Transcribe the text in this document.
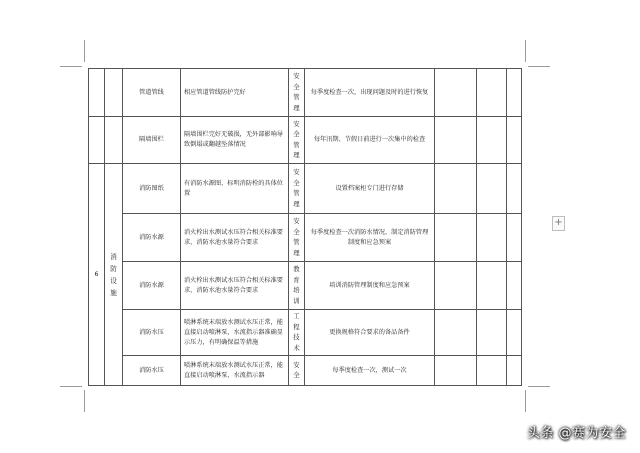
		管道管线	相应管道管线防护完好	安全管理	每季度检查一次，出现问题及时的进行恢复			
		隔墙围栏	隔墙围栏完好无破损，无外部影响导致倒塌或翻越坠落情况	安全管理	每年汛期、节假日前进行一次集中的检查			
6	消防设施	消防图纸	有消防水源图、标明消防栓的具体位置	安全管理	设置档案柜专门进行存储			
		消防水源	消火栓出水测试水压符合相关标准要求，消防水池水量符合要求	安全管理	每季度检查一次消防水情况，制定消防管理制度和应急预案			
		消防水源	消火栓出水测试水压符合相关标准要求，消防水池水量符合要求	教育培训	培训消防管理制度和应急预案			
		消防水压	喷淋系统末端放水测试水压正常，能直接启动喷淋泵，水流指示器准确显示压力，有明确保温等措施	工程技术	更换规格符合要求的备品备件			
		消防水压	喷淋系统末端放水测试水压正常，能直接启动喷淋泵，水流指示器	安全	每季度检查一次，测试一次			
+
头条 @赛为安全
